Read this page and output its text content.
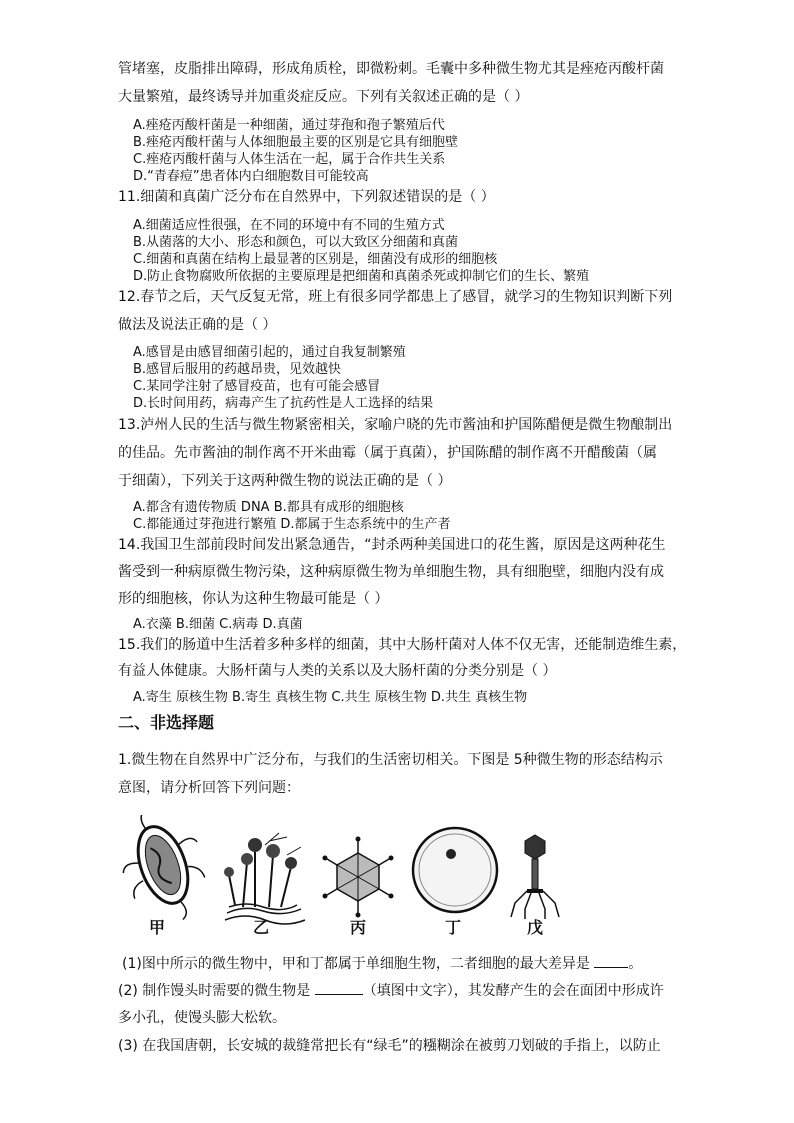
管堵塞，皮脂排出障碍，形成角质栓，即微粉刺。毛囊中多种微生物尤其是痤疮丙酸杆菌
大量繁殖，最终诱导并加重炎症反应。下列有关叙述正确的是（ ）
A.痤疮丙酸杆菌是一种细菌，通过芽孢和孢子繁殖后代
B.痤疮丙酸杆菌与人体细胞最主要的区别是它具有细胞壁
C.痤疮丙酸杆菌与人体生活在一起，属于合作共生关系
D.“青春痘”患者体内白细胞数目可能较高
11.细菌和真菌广泛分布在自然界中，下列叙述错误的是（ ）
A.细菌适应性很强，在不同的环境中有不同的生殖方式
B.从菌落的大小、形态和颜色，可以大致区分细菌和真菌
C.细菌和真菌在结构上最显著的区别是，细菌没有成形的细胞核
D.防止食物腐败所依据的主要原理是把细菌和真菌杀死或抑制它们的生长、繁殖
12.春节之后，天气反复无常，班上有很多同学都患上了感冒，就学习的生物知识判断下列
做法及说法正确的是（ ）
A.感冒是由感冒细菌引起的，通过自我复制繁殖
B.感冒后服用的药越昂贵，见效越快
C.某同学注射了感冒疫苗，也有可能会感冒
D.长时间用药，病毒产生了抗药性是人工选择的结果
13.泸州人民的生活与微生物紧密相关，家喻户晓的先市酱油和护国陈醋便是微生物酿制出
的佳品。先市酱油的制作离不开米曲霉（属于真菌），护国陈醋的制作离不开醋酸菌（属
于细菌），下列关于这两种微生物的说法正确的是（ ）
A.都含有遗传物质 DNA B.都具有成形的细胞核
C.都能通过芽孢进行繁殖 D.都属于生态系统中的生产者
14.我国卫生部前段时间发出紧急通告，“封杀两种美国进口的花生酱，原因是这两种花生
酱受到一种病原微生物污染，这种病原微生物为单细胞生物，具有细胞壁，细胞内没有成
形的细胞核，你认为这种生物最可能是（ ）
A.衣藻 B.细菌 C.病毒 D.真菌
15.我们的肠道中生活着多种多样的细菌，其中大肠杆菌对人体不仅无害，还能制造维生素，
有益人体健康。大肠杆菌与人类的关系以及大肠杆菌的分类分别是（ ）
A.寄生 原核生物 B.寄生 真核生物 C.共生 原核生物 D.共生 真核生物
二、非选择题
1.微生物在自然界中广泛分布，与我们的生活密切相关。下图是 5种微生物的形态结构示
意图，请分析回答下列问题：
甲	乙	丙	丁	戊
(1)图中所示的微生物中，甲和丁都属于单细胞生物，二者细胞的最大差异是	。
(2) 制作馒头时需要的微生物是	（填图中文字），其发酵产生的会在面团中形成许
多小孔，使馒头膨大松软。
(3) 在我国唐朝，长安城的裁缝常把长有“绿毛”的糨糊涂在被剪刀划破的手指上，以防止
